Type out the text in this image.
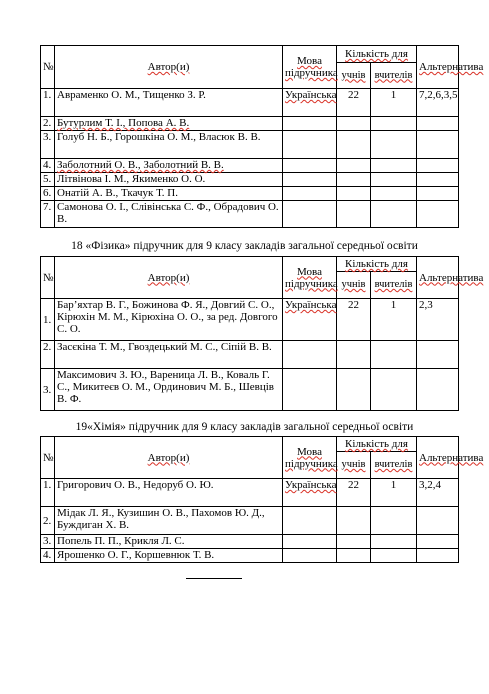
№	Автор(и)	Мова підручника	Кількість для		Альтернатива
			учнів	вчителів	
1.	Авраменко О. М., Тищенко З. Р.	Українська	22	1	7,2,6,3,5
2.	Бутурлим Т. І., Попова А. В.				
3.	Голуб Н. Б., Горошкіна О. М., Власюк В. В.				
4.	Заболотний О. В., Заболотний В. В.				
5.	Літвінова І. М., Якименко О. О.				
6.	Онатій А. В., Ткачук Т. П.				
7.	Самонова О. І., Слівінська С. Ф., Обрадович О. В.				
18 «Фізика» підручник для 9 класу закладів загальної середньої освіти
№	Автор(и)	Мова підручника	Кількість для		Альтернатива
			учнів	вчителів	
1.	Бар’яхтар В. Г., Божинова Ф. Я., Довгий С. О., Кірюхін М. М., Кірюхіна О. О., за ред. Довгого С. О.	Українська	22	1	2,3
2.	Засєкіна Т. М., Гвоздецький М. С., Сіпій В. В.				
3.	Максимович З. Ю., Вареница Л. В., Коваль Г. С., Микитеєв О. М., Ординович М. Б., Шевців В. Ф.				
19«Хімія» підручник для 9 класу закладів загальної середньої освіти
№	Автор(и)	Мова підручника	Кількість для		Альтернатива
			учнів	вчителів	
1.	Григорович О. В., Недоруб О. Ю.	Українська	22	1	3,2,4
2.	Мідак Л. Я., Кузишин О. В., Пахомов Ю. Д., Буждиган Х. В.				
3.	Попель П. П., Крикля Л. С.				
4.	Ярошенко О. Г., Коршевнюк Т. В.				
